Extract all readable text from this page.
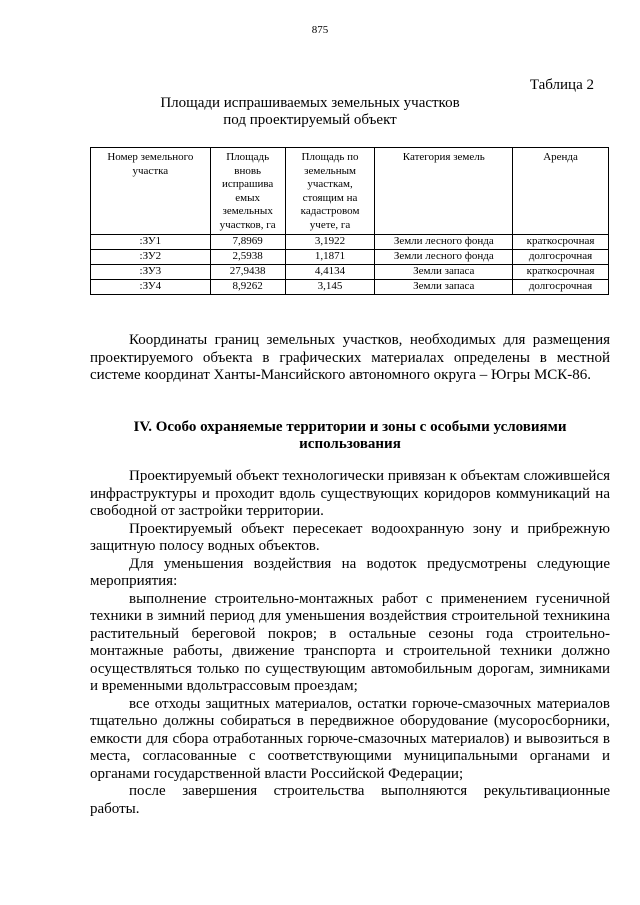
875
Таблица 2
Площади испрашиваемых земельных участков
под проектируемый объект
Номер земельного участка	Площадь вновь испрашива емых земельных участков, га	Площадь по земельным участкам, стоящим на кадастровом учете, га	Категория земель	Аренда
:ЗУ1	7,8969	3,1922	Земли лесного фонда	краткосрочная
:ЗУ2	2,5938	1,1871	Земли лесного фонда	долгосрочная
:ЗУ3	27,9438	4,4134	Земли запаса	краткосрочная
:ЗУ4	8,9262	3,145	Земли запаса	долгосрочная

Координаты границ земельных участков, необходимых для размещения проектируемого объекта в графических материалах определены в местной системе координат Ханты-Мансийского автономного округа – Югры МСК-86.

IV. Особо охраняемые территории и зоны с особыми условиями
использования

Проектируемый объект технологически привязан к объектам сложившейся инфраструктуры и проходит вдоль существующих коридоров коммуникаций на свободной от застройки территории.

Проектируемый объект пересекает водоохранную зону и прибрежную защитную полосу водных объектов.

Для уменьшения воздействия на водоток предусмотрены следующие мероприятия:

выполнение строительно-монтажных работ с применением гусеничной техники в зимний период для уменьшения воздействия строительной техникина растительный береговой покров; в остальные сезоны года строительно-монтажные работы, движение транспорта и строительной техники должно осуществляться только по существующим автомобильным дорогам, зимниками и временными вдольтрассовым проездам;

все отходы защитных материалов, остатки горюче-смазочных материалов тщательно должны собираться в передвижное оборудование (мусоросборники, емкости для сбора отработанных горюче-смазочных материалов) и вывозиться в места, согласованные с соответствующими муниципальными органами и органами государственной власти Российской Федерации;

после завершения строительства выполняются рекультивационные работы.
